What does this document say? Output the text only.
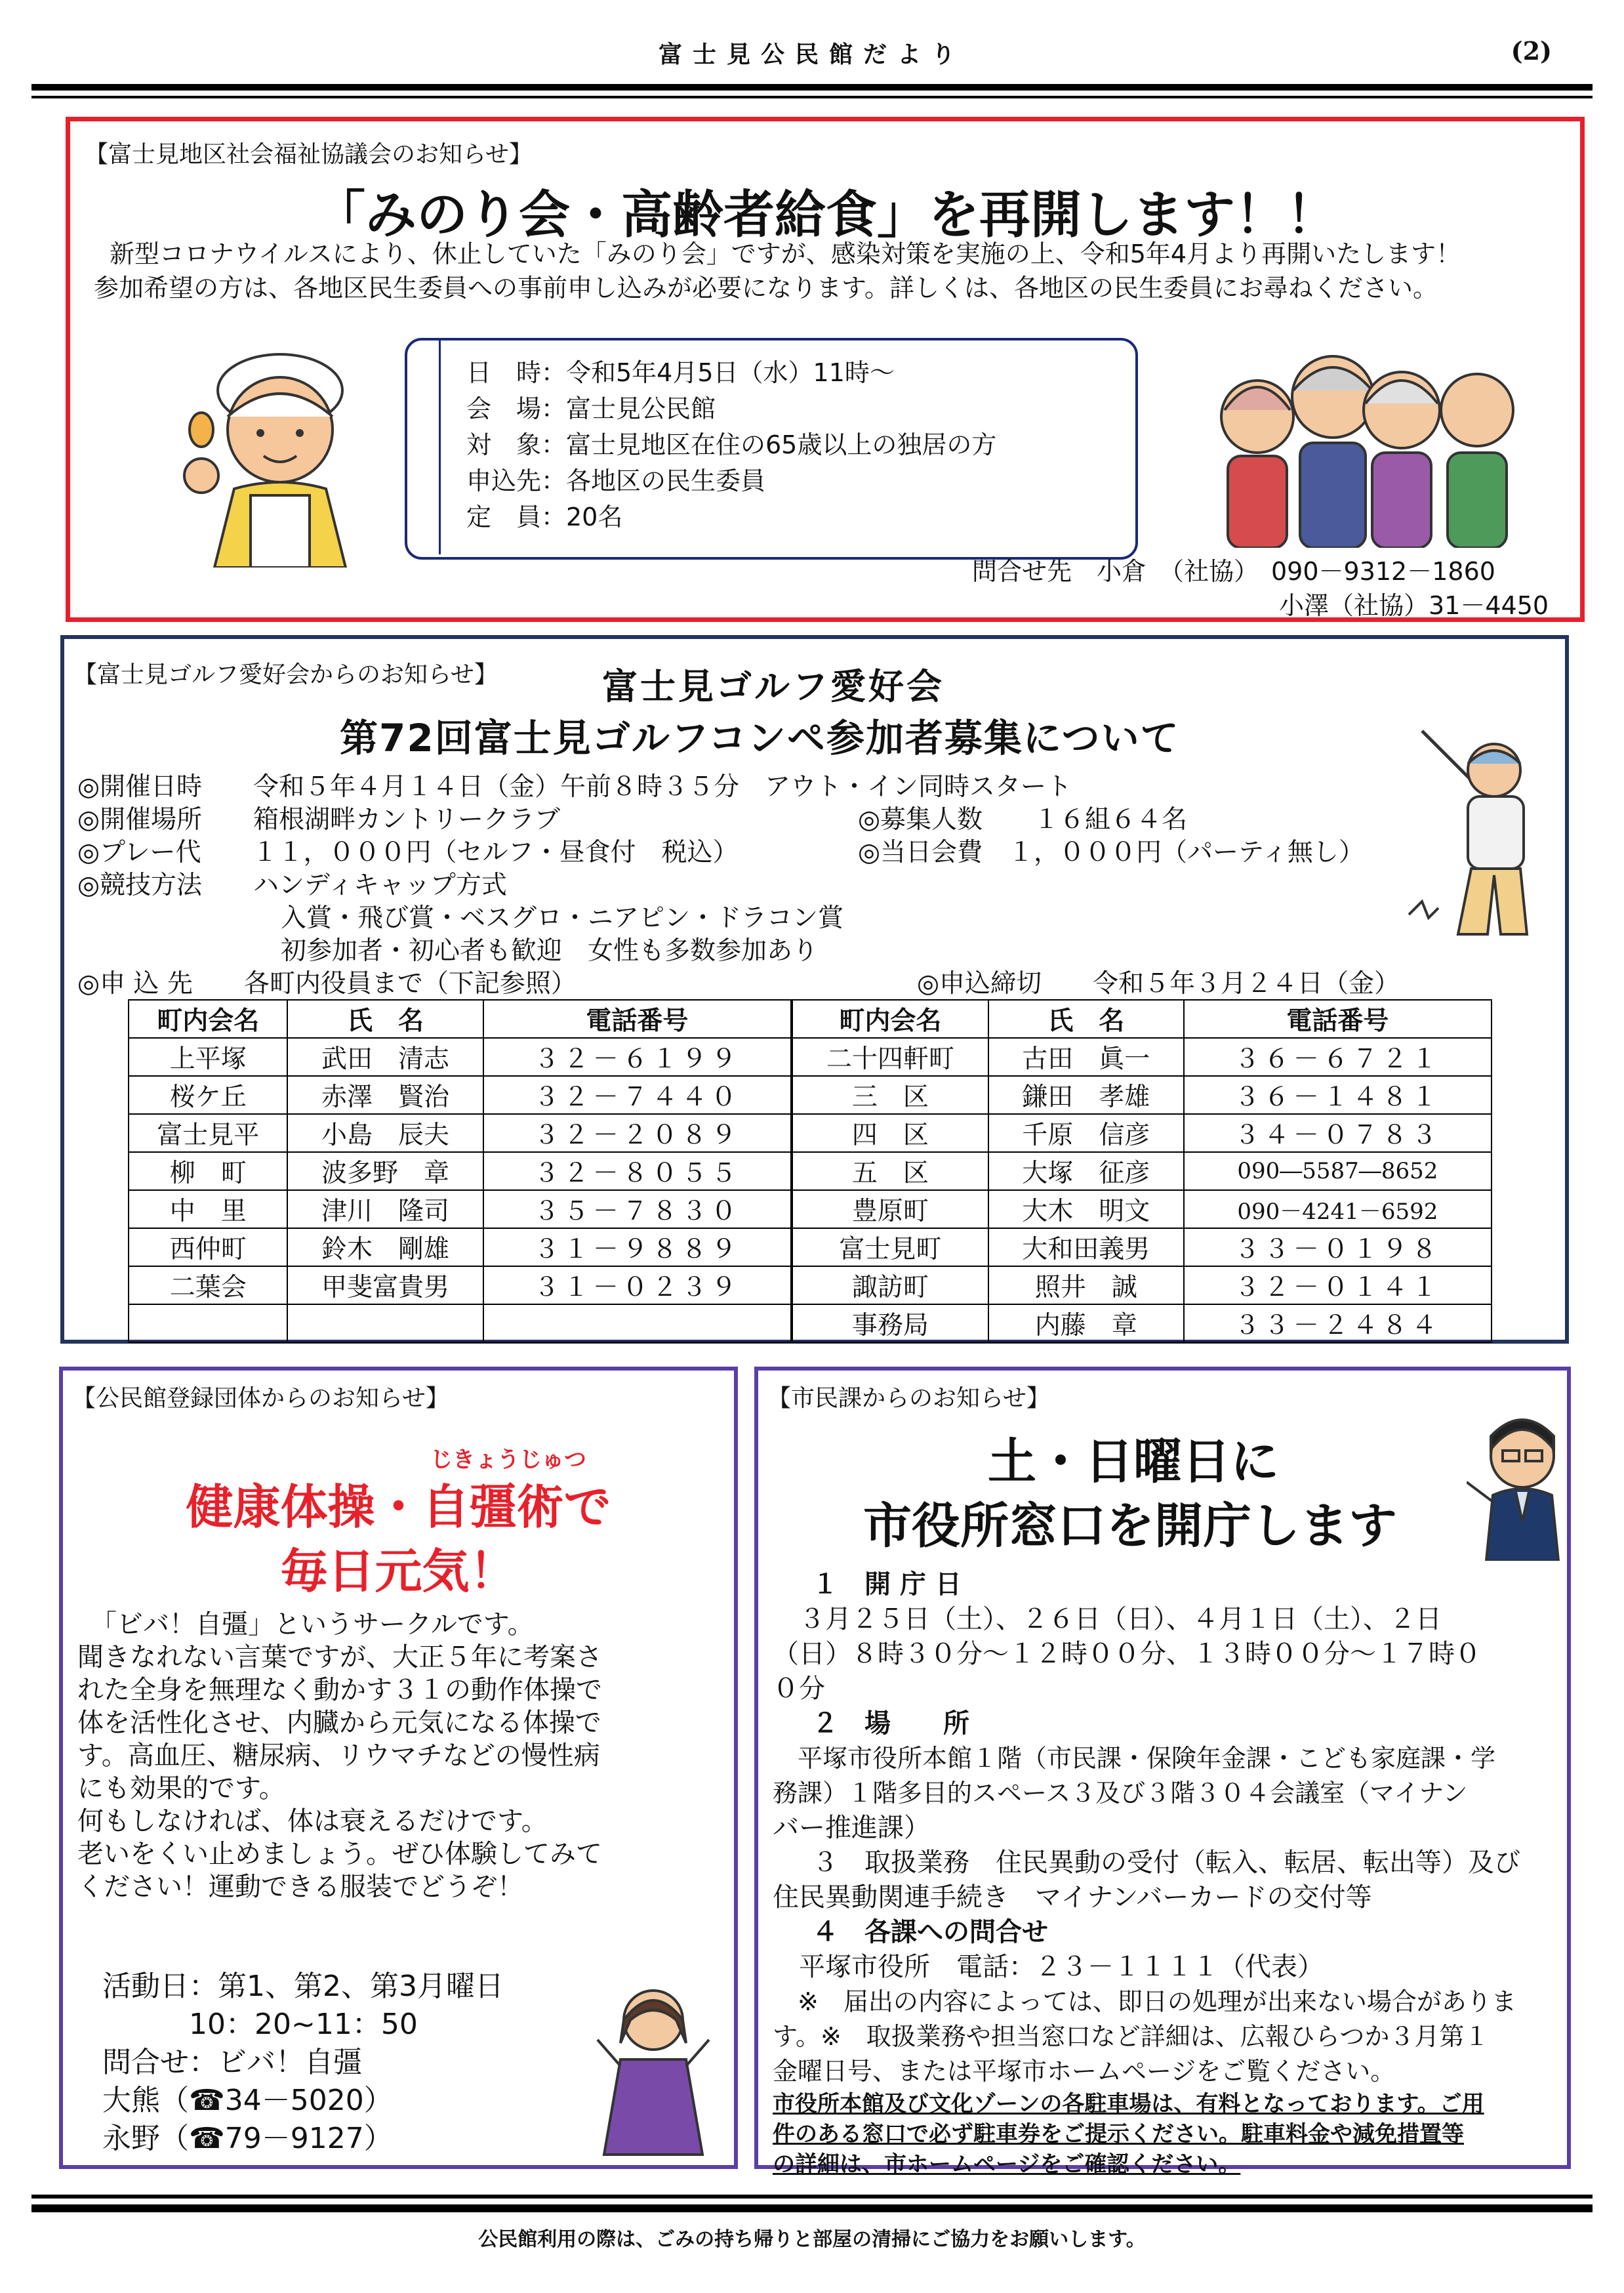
富士見公民館だより	(2)
【富士見地区社会福祉協議会のお知らせ】
「みのり会・高齢者給食」を再開します！！
新型コロナウイルスにより、休止していた「みのり会」ですが、感染対策を実施の上、令和5年4月より再開いたします！
参加希望の方は、各地区民生委員への事前申し込みが必要になります。詳しくは、各地区の民生委員にお尋ねください。
日　時：令和5年4月5日（水）11時～
会　場：富士見公民館
対　象：富士見地区在住の65歳以上の独居の方
申込先：各地区の民生委員
定　員：20名
問合せ先　小倉　（社協）　090－9312－1860
小澤（社協）31－4450
【富士見ゴルフ愛好会からのお知らせ】	富士見ゴルフ愛好会
第72回富士見ゴルフコンペ参加者募集について
◎開催日時　　令和５年４月１４日（金）午前８時３５分　アウト・イン同時スタート
◎開催場所　　箱根湖畔カントリークラブ
◎プレー代　　１１，０００円（セルフ・昼食付　税込）
◎競技方法　　ハンディキャップ方式
入賞・飛び賞・ベスグロ・ニアピン・ドラコン賞
初参加者・初心者も歓迎　女性も多数参加あり
◎申 込 先　　各町内役員まで（下記参照）
◎募集人数　　１６組６４名
◎当日会費　１，０００円（パーティ無し）
◎申込締切　　令和５年３月２４日（金）
町内会名	氏　名	電話番号	町内会名	氏　名	電話番号
上平塚	武田　清志	３２－６１９９	二十四軒町	古田　眞一	３６－６７２１
桜ケ丘	赤澤　賢治	３２－７４４０	三　区	鎌田　孝雄	３６－１４８１
富士見平	小島　辰夫	３２－２０８９	四　区	千原　信彦	３４－０７８３
柳　町	波多野　章	３２－８０５５	五　区	大塚　征彦	090―5587―8652
中　里	津川　隆司	３５－７８３０	豊原町	大木　明文	090－4241－6592
西仲町	鈴木　剛雄	３１－９８８９	富士見町	大和田義男	３３－０１９８
二葉会	甲斐富貴男	３１－０２３９	諏訪町	照井　誠	３２－０１４１
			事務局	内藤　章	３３－２４８４
【公民館登録団体からのお知らせ】
じきょうじゅつ
健康体操・自彊術で
毎日元気！
　「ビバ！自彊」というサークルです。
聞きなれない言葉ですが、大正５年に考案さ
れた全身を無理なく動かす３１の動作体操で
体を活性化させ、内臓から元気になる体操で
す。高血圧、糖尿病、リウマチなどの慢性病
にも効果的です。
何もしなければ、体は衰えるだけです。
老いをくい止めましょう。ぜひ体験してみて
ください！運動できる服装でどうぞ！
活動日：第1、第2、第3月曜日
　　　10：20~11：50
問合せ：ビバ！自彊
大熊（☎34－5020）
永野（☎79－9127）
【市民課からのお知らせ】
土・日曜日に
市役所窓口を開庁します
１　開 庁 日
　３月２５日（土）、２６日（日）、４月１日（土）、２日
（日）８時３０分～１２時００分、１３時００分～１７時０
０分
２　場　　所
　平塚市役所本館１階（市民課・保険年金課・こども家庭課・学
務課）１階多目的スペース３及び３階３０４会議室（マイナン
バー推進課）
３　取扱業務　住民異動の受付（転入、転居、転出等）及び
住民異動関連手続き　マイナンバーカードの交付等
４　各課への問合せ
　平塚市役所　電話：２３－１１１１（代表）
　※　届出の内容によっては、即日の処理が出来ない場合がありま
す。※　取扱業務や担当窓口など詳細は、広報ひらつか３月第１
金曜日号、または平塚市ホームページをご覧ください。
市役所本館及び文化ゾーンの各駐車場は、有料となっております。ご用
件のある窓口で必ず駐車券をご提示ください。駐車料金や減免措置等
の詳細は、市ホームページをご確認ください。
公民館利用の際は、ごみの持ち帰りと部屋の清掃にご協力をお願いします。
